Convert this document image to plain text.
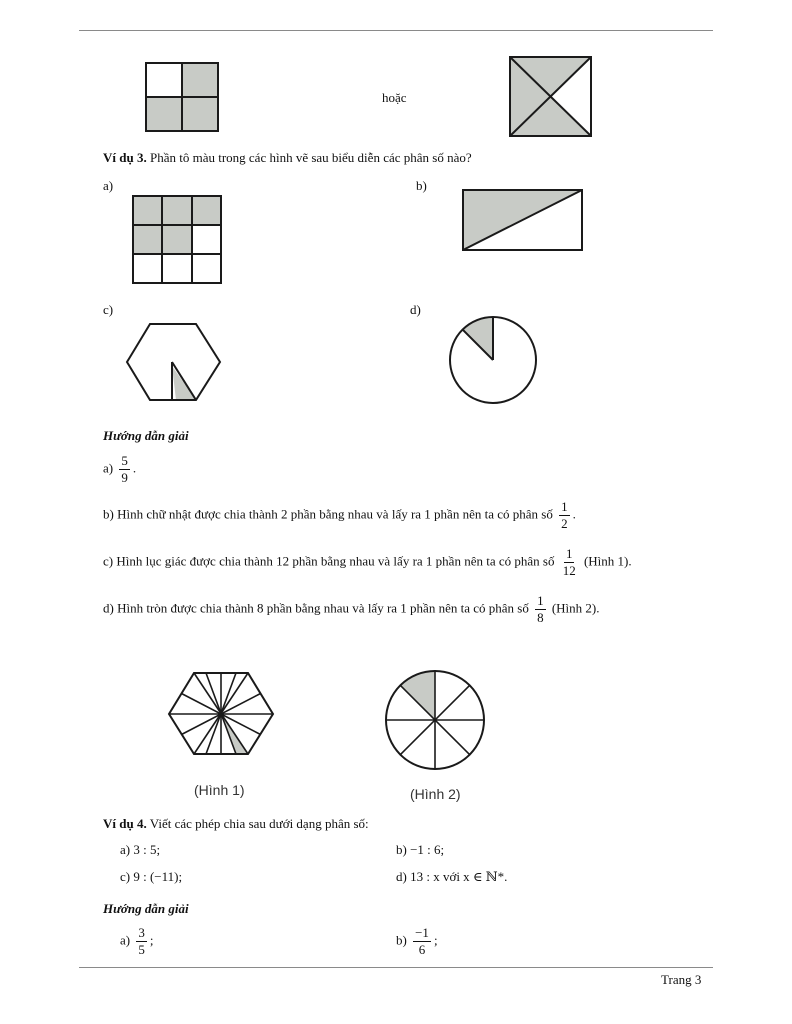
hoặc
Ví dụ 3. Phần tô màu trong các hình vẽ sau biểu diễn các phân số nào?
a)	b)
c)	d)
Hướng dẫn giải
$a) \frac{5}{9}$ .
b) Hình chữ nhật được chia thành 2 phần bằng nhau và lấy ra 1 phần nên ta có phân số $\frac{1}{2}$ .
c) Hình lục giác được chia thành 12 phần bằng nhau và lấy ra 1 phần nên ta có phân số $\frac{1}{12}$ (Hình 1).
d) Hình tròn được chia thành 8 phần bằng nhau và lấy ra 1 phần nên ta có phân số $\frac{1}{8}$ (Hình 2).
(Hình 1)	(Hình 2)
Ví dụ 4. Viết các phép chia sau dưới dạng phân số:
a) 3 : 5;	b) −1 : 6;
c) 9 : (−11);	d) 13 : x với x ∈ ℕ*.
Hướng dẫn giải
$a) \frac{3}{5}$ ;	$b) \frac{-1}{6}$ ;
Trang 3
